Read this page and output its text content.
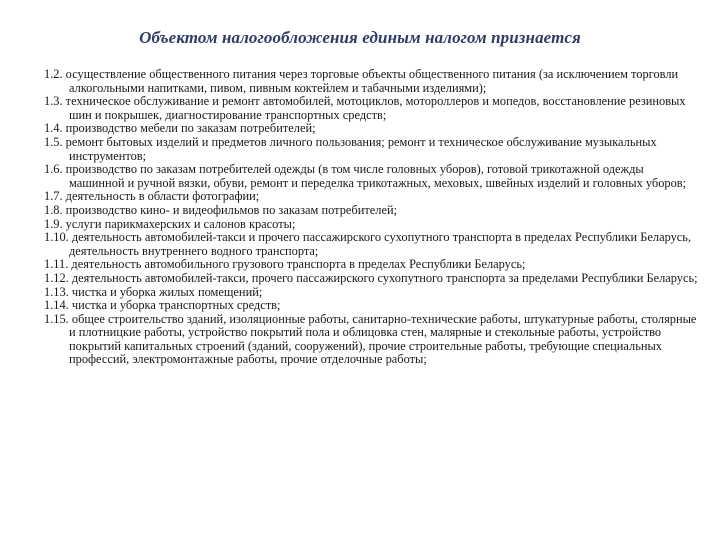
Объектом налогообложения единым налогом признается

1.2. осуществление общественного питания через торговые объекты общественного питания (за исключением торговли алкогольными напитками, пивом, пивным коктейлем и табачными изделиями);

1.3. техническое обслуживание и ремонт автомобилей, мотоциклов, мотороллеров и мопедов, восстановление резиновых шин и покрышек, диагностирование транспортных средств;

1.4. производство мебели по заказам потребителей;

1.5. ремонт бытовых изделий и предметов личного пользования; ремонт и техническое обслуживание музыкальных инструментов;

1.6. производство по заказам потребителей одежды (в том числе головных уборов), готовой трикотажной одежды машинной и ручной вязки, обуви, ремонт и переделка трикотажных, меховых, швейных изделий и головных уборов;

1.7. деятельность в области фотографии;

1.8. производство кино- и видеофильмов по заказам потребителей;

1.9. услуги парикмахерских и салонов красоты;

1.10. деятельность автомобилей-такси и прочего пассажирского сухопутного транспорта в пределах Республики Беларусь, деятельность внутреннего водного транспорта;

1.11. деятельность автомобильного грузового транспорта в пределах Республики Беларусь;

1.12. деятельность автомобилей-такси, прочего пассажирского сухопутного транспорта за пределами Республики Беларусь;

1.13. чистка и уборка жилых помещений;

1.14. чистка и уборка транспортных средств;

1.15. общее строительство зданий, изоляционные работы, санитарно-технические работы, штукатурные работы, столярные и плотницкие работы, устройство покрытий пола и облицовка стен, малярные и стекольные работы, устройство покрытий капитальных строений (зданий, сооружений), прочие строительные работы, требующие специальных профессий, электромонтажные работы, прочие отделочные работы;
